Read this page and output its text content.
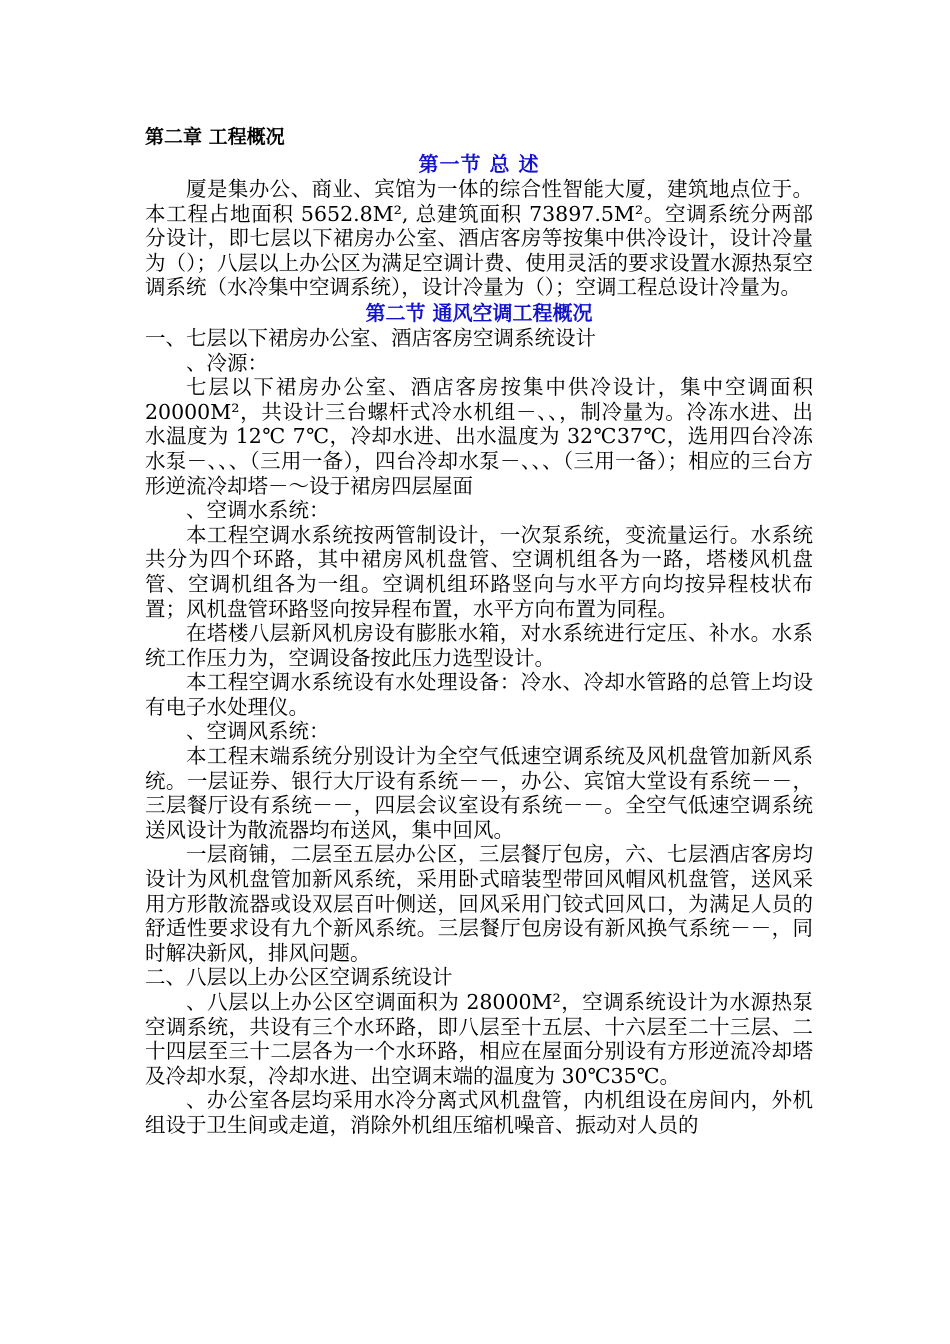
第二章 工程概况

第一节 总 述

厦是集办公、商业、宾馆为一体的综合性智能大厦，建筑地点位于。本工程占地面积 5652.8M², 总建筑面积 73897.5M²。空调系统分两部分设计，即七层以下裙房办公室、酒店客房等按集中供冷设计，设计冷量为（）；八层以上办公区为满足空调计费、使用灵活的要求设置水源热泵空调系统（水冷集中空调系统），设计冷量为（）；空调工程总设计冷量为。

第二节 通风空调工程概况

一、七层以下裙房办公室、酒店客房空调系统设计

、冷源：

七层以下裙房办公室、酒店客房按集中供冷设计，集中空调面积 20000M²，共设计三台螺杆式冷水机组－、、，制冷量为。冷冻水进、出水温度为 12℃ 7℃，冷却水进、出水温度为 32℃37℃，选用四台冷冻水泵－、、、（三用一备），四台冷却水泵－、、、（三用一备）；相应的三台方形逆流冷却塔－～设于裙房四层屋面

、空调水系统：

本工程空调水系统按两管制设计，一次泵系统，变流量运行。水系统共分为四个环路，其中裙房风机盘管、空调机组各为一路，塔楼风机盘管、空调机组各为一组。空调机组环路竖向与水平方向均按异程枝状布置；风机盘管环路竖向按异程布置，水平方向布置为同程。

在塔楼八层新风机房设有膨胀水箱，对水系统进行定压、补水。水系统工作压力为，空调设备按此压力选型设计。

本工程空调水系统设有水处理设备：冷水、冷却水管路的总管上均设有电子水处理仪。

、空调风系统：

本工程末端系统分别设计为全空气低速空调系统及风机盘管加新风系统。一层证券、银行大厅设有系统－－，办公、宾馆大堂设有系统－－，三层餐厅设有系统－－，四层会议室设有系统－－。全空气低速空调系统送风设计为散流器均布送风，集中回风。

一层商铺，二层至五层办公区，三层餐厅包房，六、七层酒店客房均设计为风机盘管加新风系统，采用卧式暗装型带回风帽风机盘管，送风采用方形散流器或设双层百叶侧送，回风采用门铰式回风口，为满足人员的舒适性要求设有九个新风系统。三层餐厅包房设有新风换气系统－－，同时解决新风，排风问题。

二、八层以上办公区空调系统设计

、八层以上办公区空调面积为 28000M²，空调系统设计为水源热泵空调系统，共设有三个水环路，即八层至十五层、十六层至二十三层、二十四层至三十二层各为一个水环路，相应在屋面分别设有方形逆流冷却塔及冷却水泵，冷却水进、出空调末端的温度为 30℃35℃。

、办公室各层均采用水冷分离式风机盘管，内机组设在房间内，外机组设于卫生间或走道，消除外机组压缩机噪音、振动对人员的
